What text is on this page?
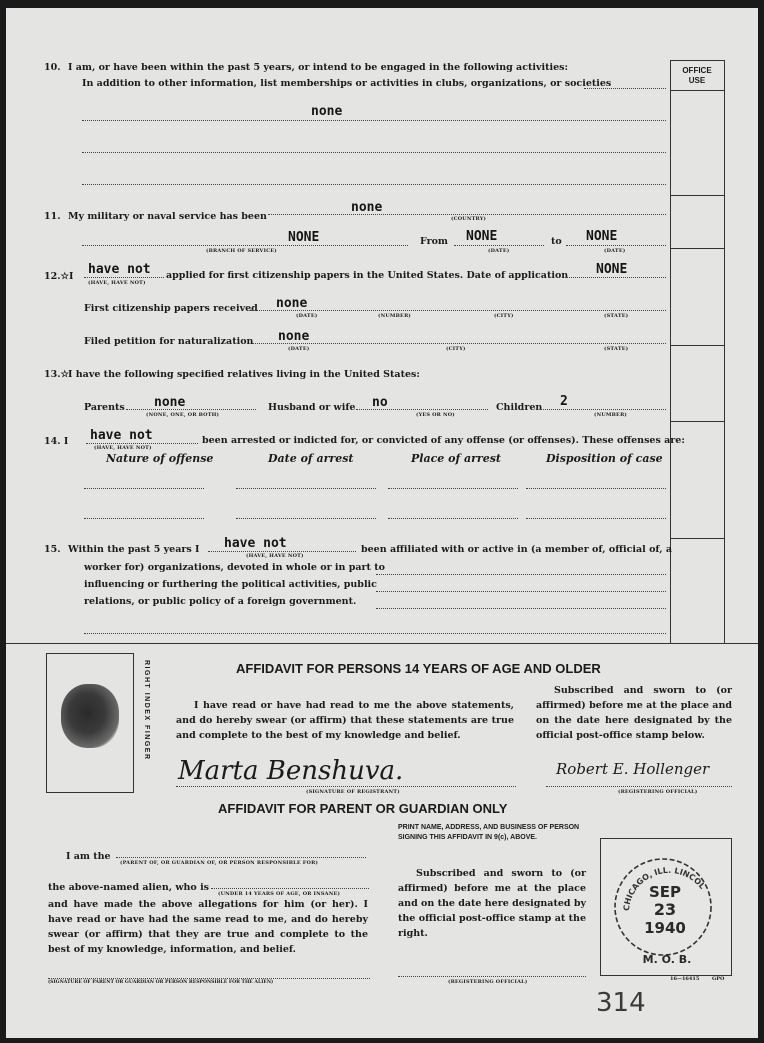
OFFICE
USE
10. I am, or have been within the past 5 years, or intend to be engaged in the following activities:
In addition to other information, list memberships or activities in clubs, organizations, or societies
none
11. My military or naval service has been
none
(COUNTRY)
NONE
(BRANCH OF SERVICE)
From NONE
(DATE)
to NONE
(DATE)
12.☆I have not
(HAVE, HAVE NOT)
applied for first citizenship papers in the United States. Date of application NONE
First citizenship papers received none
(DATE)	(NUMBER)	(CITY)	(STATE)
Filed petition for naturalization none
(DATE)	(CITY)	(STATE)
13.☆
I have the following specified relatives living in the United States:
Parents none
(NONE, ONE, OR BOTH)
Husband or wife no
(YES OR NO)
Children 2
(NUMBER)
14. I have not
(HAVE, HAVE NOT)
been arrested or indicted for, or convicted of any offense (or offenses). These offenses are:
Nature of offense	Date of arrest	Place of arrest	Disposition of case
15. Within the past 5 years I have not
(HAVE, HAVE NOT)
been affiliated with or active in (a member of, official of, a
worker for) organizations, devoted in whole or in part to
influencing or furthering the political activities, public
relations, or public policy of a foreign government.
RIGHT INDEX FINGER	AFFIDAVIT FOR PERSONS 14 YEARS OF AGE AND OLDER
I have read or have had read to me the above statements, and do hereby swear (or affirm) that these statements are true and complete to the best of my knowledge and belief.
Subscribed and sworn to (or affirmed) before me at the place and on the date here designated by the official post-office stamp below.
Marta Benshuva.
(SIGNATURE OF REGISTRANT)
Robert E. Hollenger
(REGISTERING OFFICIAL)
AFFIDAVIT FOR PARENT OR GUARDIAN ONLY
I am the
(PARENT OF, OR GUARDIAN OF, OR PERSON RESPONSIBLE FOR)
the above-named alien, who is
(UNDER 14 YEARS OF AGE, OR INSANE)
and have made the above allegations for him (or her). I have read or have had the same read to me, and do hereby swear (or affirm) that they are true and complete to the best of my knowledge, information, and belief.
(SIGNATURE OF PARENT OR GUARDIAN OR PERSON RESPONSIBLE FOR THE ALIEN)
PRINT NAME, ADDRESS, AND BUSINESS OF PERSON SIGNING THIS AFFIDAVIT IN 9(c), ABOVE.
Subscribed and sworn to (or affirmed) before me at the place and on the date here designated by the official post-office stamp at the right.
(REGISTERING OFFICIAL)
CHICAGO, ILL. LINCOL
SEP
23
1940
M. O. B.
16—16415	GPO
314
